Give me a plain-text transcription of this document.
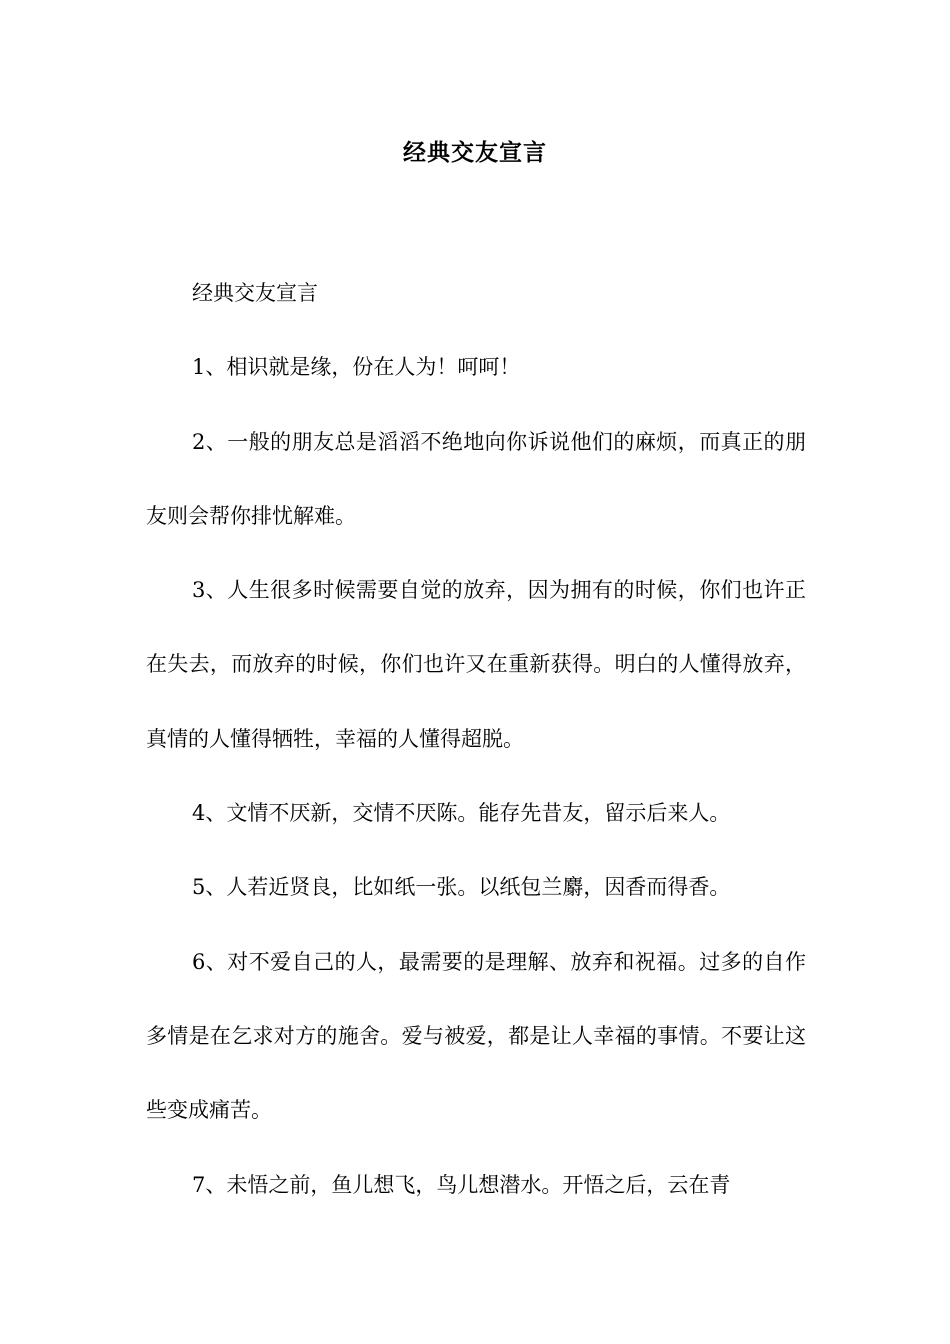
经典交友宣言

经典交友宣言

1、相识就是缘，份在人为！呵呵！

2、一般的朋友总是滔滔不绝地向你诉说他们的麻烦，而真正的朋友则会帮你排忧解难。

3、人生很多时候需要自觉的放弃，因为拥有的时候，你们也许正在失去，而放弃的时候，你们也许又在重新获得。明白的人懂得放弃，真情的人懂得牺牲，幸福的人懂得超脱。

4、文情不厌新，交情不厌陈。能存先昔友，留示后来人。

5、人若近贤良，比如纸一张。以纸包兰麝，因香而得香。

6、对不爱自己的人，最需要的是理解、放弃和祝福。过多的自作多情是在乞求对方的施舍。爱与被爱，都是让人幸福的事情。不要让这些变成痛苦。

7、未悟之前，鱼儿想飞，鸟儿想潜水。开悟之后，云在青
